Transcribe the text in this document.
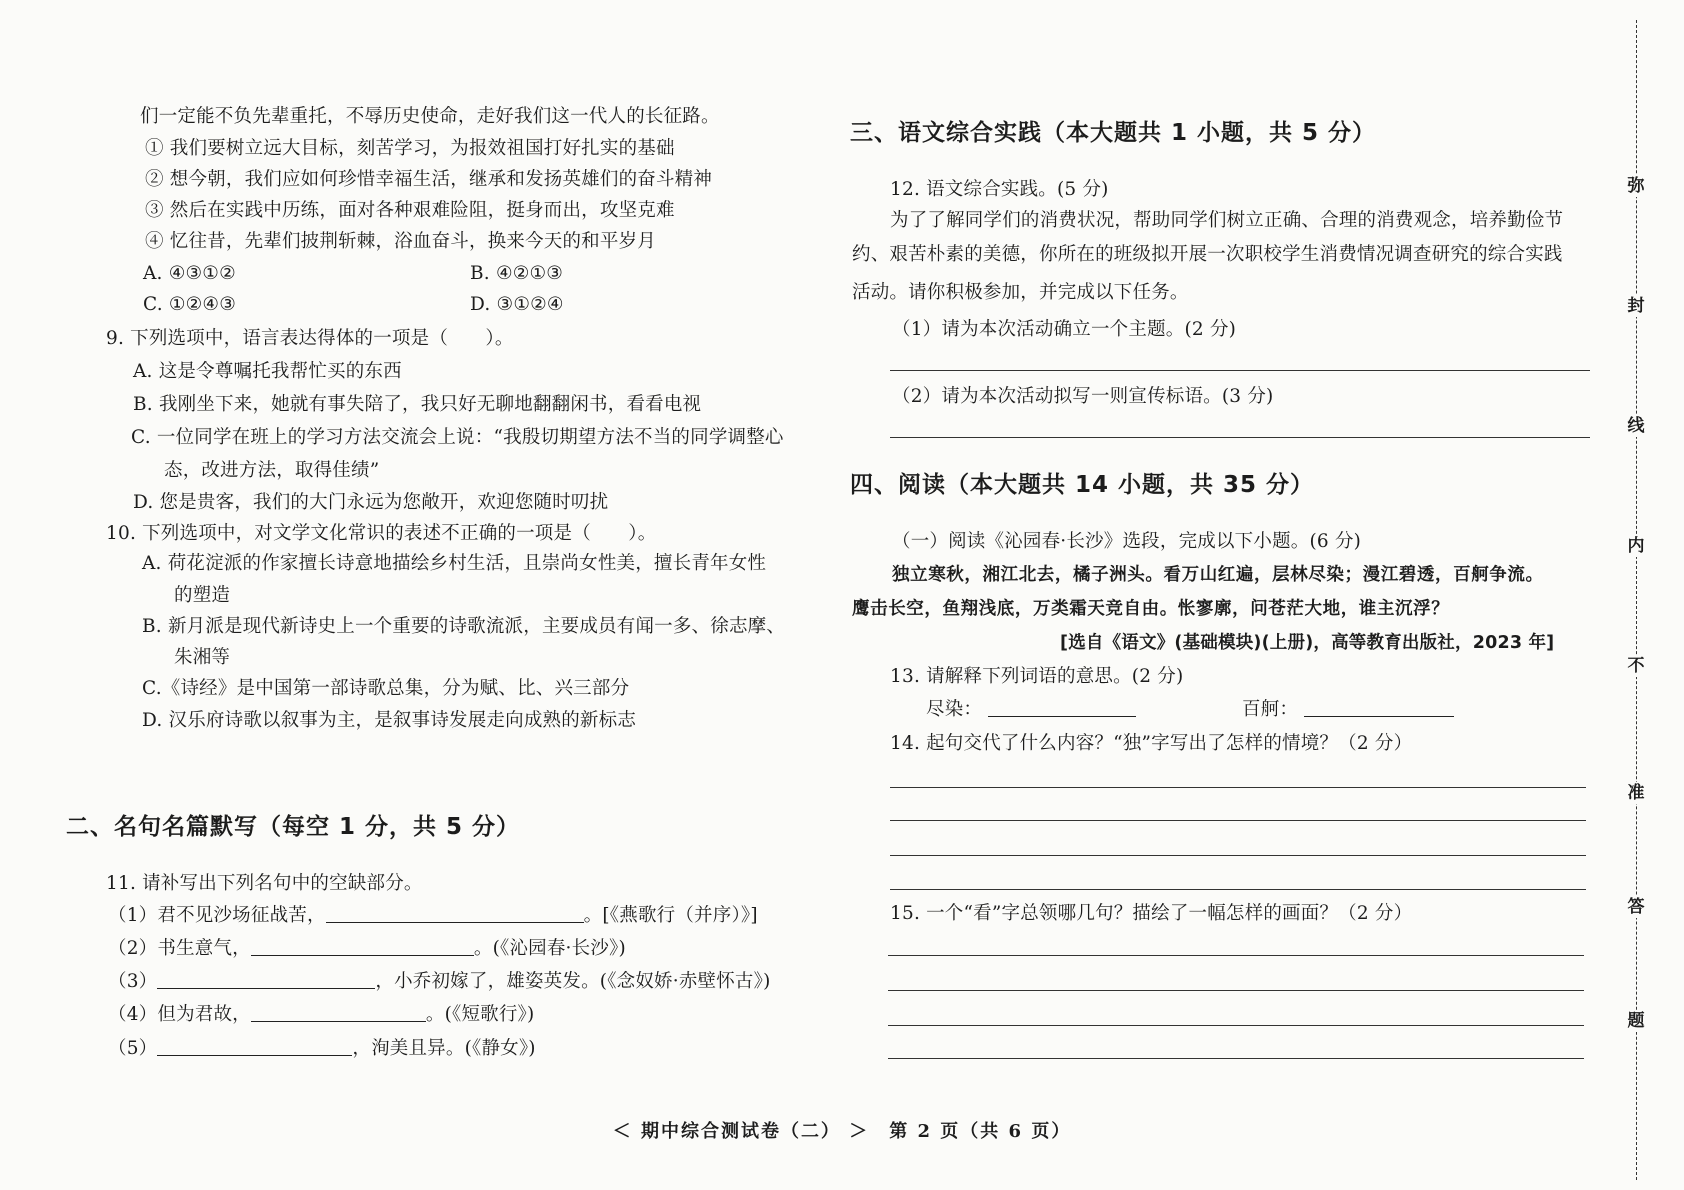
们一定能不负先辈重托，不辱历史使命，走好我们这一代人的长征路。
① 我们要树立远大目标，刻苦学习，为报效祖国打好扎实的基础
② 想今朝，我们应如何珍惜幸福生活，继承和发扬英雄们的奋斗精神
③ 然后在实践中历练，面对各种艰难险阻，挺身而出，攻坚克难
④ 忆往昔，先辈们披荆斩棘，浴血奋斗，换来今天的和平岁月
A. ④③①②	B. ④②①③
C. ①②④③	D. ③①②④
9. 下列选项中，语言表达得体的一项是（　　）。
A. 这是令尊嘱托我帮忙买的东西
B. 我刚坐下来，她就有事失陪了，我只好无聊地翻翻闲书，看看电视
C. 一位同学在班上的学习方法交流会上说：“我殷切期望方法不当的同学调整心
态，改进方法，取得佳绩”
D. 您是贵客，我们的大门永远为您敞开，欢迎您随时叨扰
10. 下列选项中，对文学文化常识的表述不正确的一项是（　　）。
A. 荷花淀派的作家擅长诗意地描绘乡村生活，且崇尚女性美，擅长青年女性
的塑造
B. 新月派是现代新诗史上一个重要的诗歌流派，主要成员有闻一多、徐志摩、
朱湘等
C.《诗经》是中国第一部诗歌总集，分为赋、比、兴三部分
D. 汉乐府诗歌以叙事为主，是叙事诗发展走向成熟的新标志
二、名句名篇默写（每空 1 分，共 5 分）
11. 请补写出下列名句中的空缺部分。
（1）君不见沙场征战苦，	。[《燕歌行（并序）》]
（2）书生意气，	。(《沁园春·长沙》)
（3）	，小乔初嫁了，雄姿英发。(《念奴娇·赤壁怀古》)
（4）但为君故，	。(《短歌行》)
（5）	，洵美且异。(《静女》)
三、语文综合实践（本大题共 1 小题，共 5 分）
12. 语文综合实践。(5 分)
为了了解同学们的消费状况，帮助同学们树立正确、合理的消费观念，培养勤俭节
约、艰苦朴素的美德，你所在的班级拟开展一次职校学生消费情况调查研究的综合实践
活动。请你积极参加，并完成以下任务。
（1）请为本次活动确立一个主题。(2 分)
（2）请为本次活动拟写一则宣传标语。(3 分)
四、阅读（本大题共 14 小题，共 35 分）
（一）阅读《沁园春·长沙》选段，完成以下小题。(6 分)
独立寒秋，湘江北去，橘子洲头。看万山红遍，层林尽染；漫江碧透，百舸争流。
鹰击长空，鱼翔浅底，万类霜天竞自由。怅寥廓，问苍茫大地，谁主沉浮？
[选自《语文》(基础模块)(上册)，高等教育出版社，2023 年]
13. 请解释下列词语的意思。(2 分)
尽染：	百舸：
14. 起句交代了什么内容？“独”字写出了怎样的情境？（2 分）
15. 一个“看”字总领哪几句？描绘了一幅怎样的画面？（2 分）
＜ 期中综合测试卷（二） ＞　第 2 页（共 6 页）
弥
封
线
内
不
准
答
题
